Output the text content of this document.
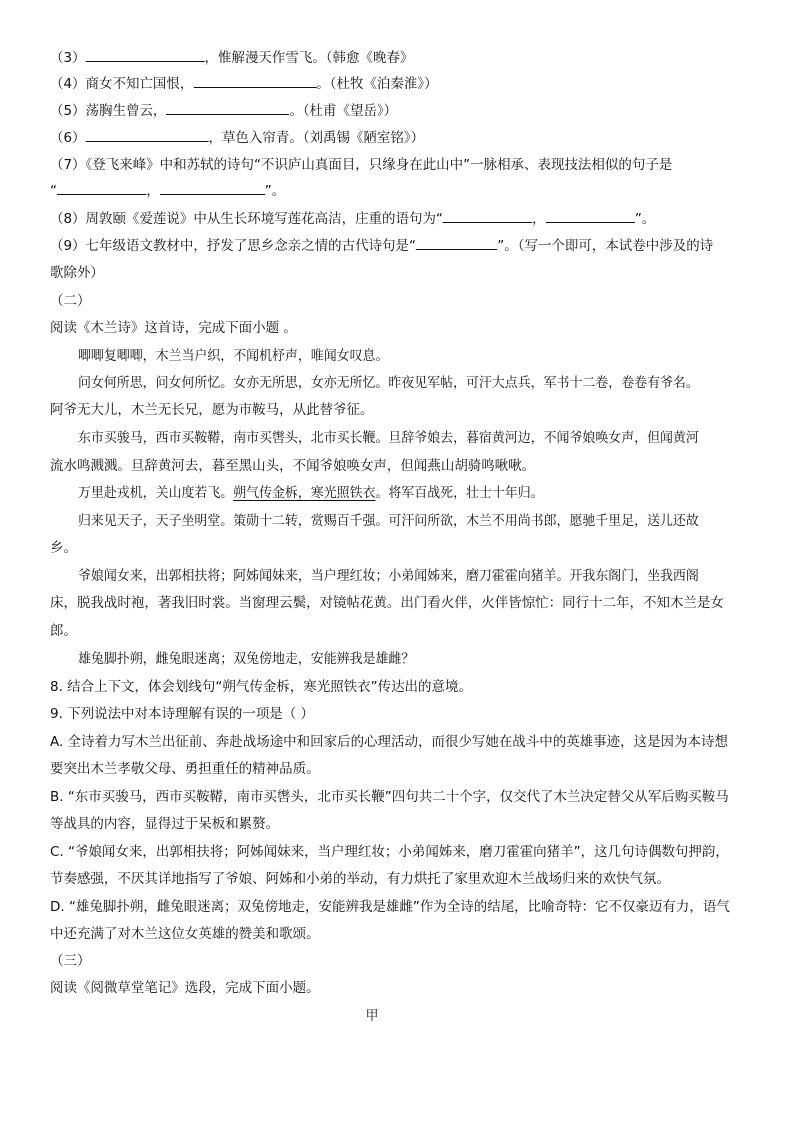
（3）	，惟解漫天作雪飞。（韩愈《晚春》
（4）商女不知亡国恨，	。（杜牧《泊秦淮》）
（5）荡胸生曾云，	。（杜甫《望岳》）
（6）	，草色入帘青。（刘禹锡《陋室铭》）
（7）《登飞来峰》中和苏轼的诗句“不识庐山真面目，只缘身在此山中”一脉相承、表现技法相似的句子是
“	，	”。
（8）周敦颐《爱莲说》中从生长环境写莲花高洁，庄重的语句为“	，	”。
（9）七年级语文教材中，抒发了思乡念亲之情的古代诗句是“	”。（写一个即可，本试卷中涉及的诗
歌除外）
（二）
阅读《木兰诗》这首诗，完成下面小题 。
唧唧复唧唧，木兰当户织，不闻机杼声，唯闻女叹息。
问女何所思，问女何所忆。女亦无所思，女亦无所忆。昨夜见军帖，可汗大点兵，军书十二卷，卷卷有爷名。
阿爷无大儿，木兰无长兄，愿为市鞍马，从此替爷征。
东市买骏马，西市买鞍鞯，南市买辔头，北市买长鞭。旦辞爷娘去，暮宿黄河边，不闻爷娘唤女声，但闻黄河
流水鸣溅溅。旦辞黄河去，暮至黑山头，不闻爷娘唤女声，但闻燕山胡骑鸣啾啾。
万里赴戎机，关山度若飞。朔气传金柝，寒光照铁衣。将军百战死，壮士十年归。
归来见天子，天子坐明堂。策勋十二转，赏赐百千强。可汗问所欲，木兰不用尚书郎，愿驰千里足，送儿还故
乡。
爷娘闻女来，出郭相扶将；阿姊闻妹来，当户理红妆；小弟闻姊来，磨刀霍霍向猪羊。开我东阁门，坐我西阁
床，脱我战时袍，著我旧时裳。当窗理云鬓，对镜帖花黄。出门看火伴，火伴皆惊忙：同行十二年，不知木兰是女
郎。
雄兔脚扑朔，雌兔眼迷离；双兔傍地走，安能辨我是雄雌？
8. 结合上下文，体会划线句“朔气传金柝，寒光照铁衣”传达出的意境。
9. 下列说法中对本诗理解有误的一项是（ ）
A. 全诗着力写木兰出征前、奔赴战场途中和回家后的心理活动，而很少写她在战斗中的英雄事迹，这是因为本诗想
要突出木兰孝敬父母、勇担重任的精神品质。
B. “东市买骏马，西市买鞍鞯，南市买辔头，北市买长鞭”四句共二十个字，仅交代了木兰决定替父从军后购买鞍马
等战具的内容，显得过于呆板和累赘。
C. “爷娘闻女来，出郭相扶将；阿姊闻妹来，当户理红妆；小弟闻姊来，磨刀霍霍向猪羊”，这几句诗偶数句押韵，
节奏感强，不厌其详地指写了爷娘、阿姊和小弟的举动，有力烘托了家里欢迎木兰战场归来的欢快气氛。
D. “雄兔脚扑朔，雌兔眼迷离；双兔傍地走，安能辨我是雄雌”作为全诗的结尾，比喻奇特：它不仅豪迈有力，语气
中还充满了对木兰这位女英雄的赞美和歌颂。
（三）
阅读《阅微草堂笔记》选段，完成下面小题。
甲
